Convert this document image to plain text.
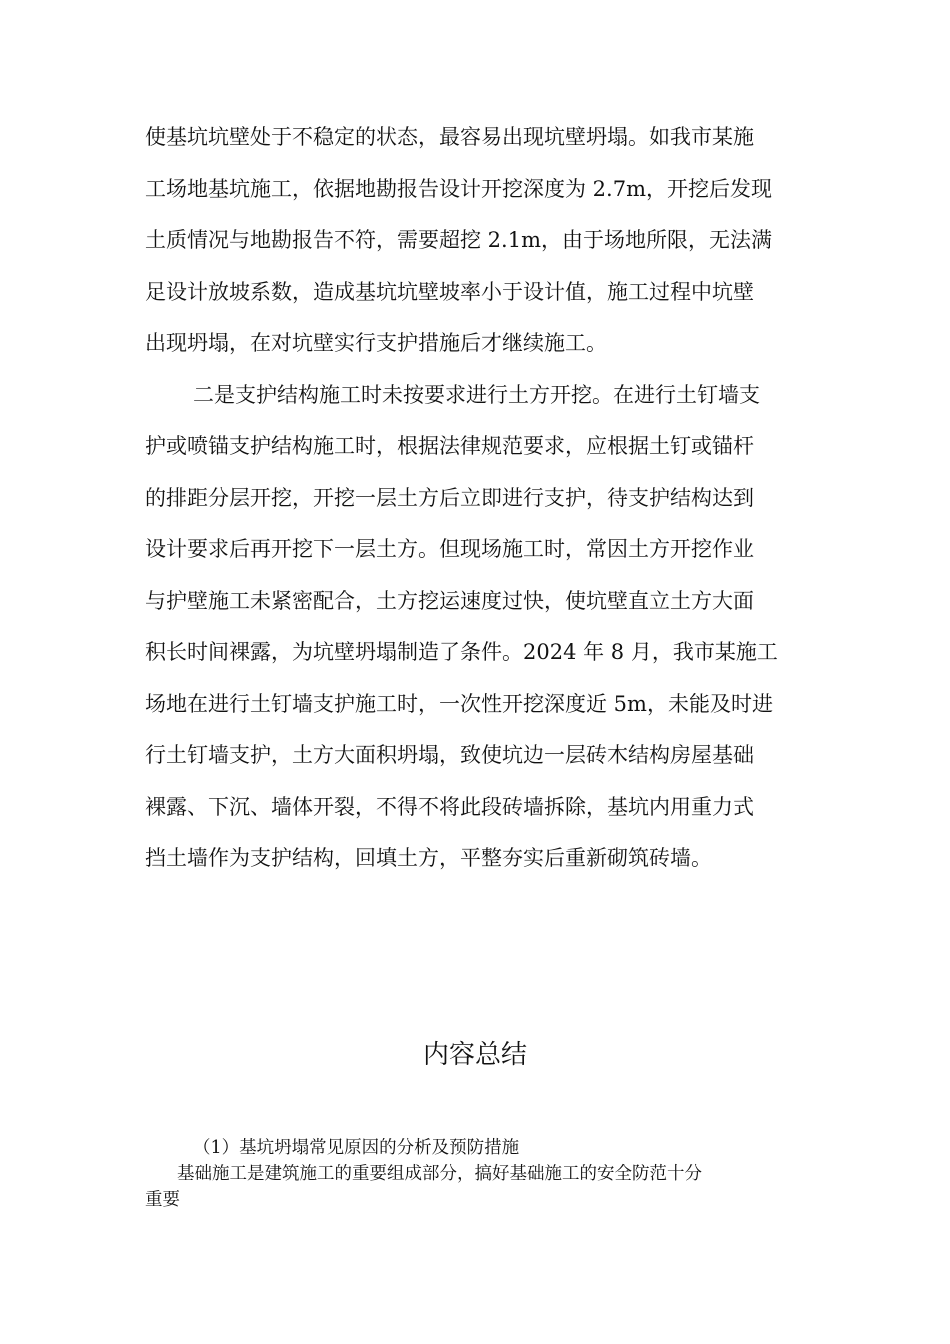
使基坑坑壁处于不稳定的状态，最容易出现坑壁坍塌。如我市某施
工场地基坑施工，依据地勘报告设计开挖深度为 2.7m，开挖后发现
土质情况与地勘报告不符，需要超挖 2.1m，由于场地所限，无法满
足设计放坡系数，造成基坑坑壁坡率小于设计值，施工过程中坑壁
出现坍塌，在对坑壁实行支护措施后才继续施工。
二是支护结构施工时未按要求进行土方开挖。在进行土钉墙支
护或喷锚支护结构施工时，根据法律规范要求，应根据土钉或锚杆
的排距分层开挖，开挖一层土方后立即进行支护，待支护结构达到
设计要求后再开挖下一层土方。但现场施工时，常因土方开挖作业
与护壁施工未紧密配合，土方挖运速度过快，使坑壁直立土方大面
积长时间裸露，为坑壁坍塌制造了条件。2024 年 8 月，我市某施工
场地在进行土钉墙支护施工时，一次性开挖深度近 5m，未能及时进
行土钉墙支护，土方大面积坍塌，致使坑边一层砖木结构房屋基础
裸露、下沉、墙体开裂，不得不将此段砖墙拆除，基坑内用重力式
挡土墙作为支护结构，回填土方，平整夯实后重新砌筑砖墙。
内容总结
（1）基坑坍塌常见原因的分析及预防措施
基础施工是建筑施工的重要组成部分，搞好基础施工的安全防范十分
重要
